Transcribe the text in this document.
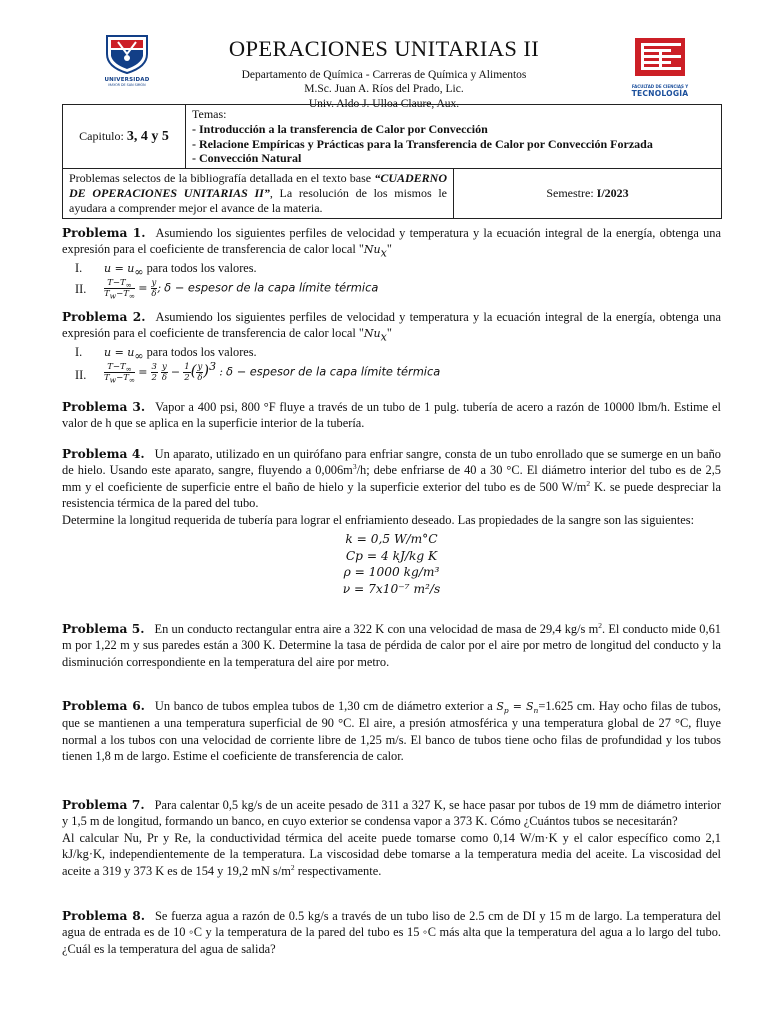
UNIVERSIDAD
MAYOR DE SAN SIMÓN
OPERACIONES UNITARIAS II
Departamento de Química - Carreras de Química y Alimentos
M.Sc. Juan A. Ríos del Prado, Lic.
Univ. Aldo J. Ulloa Claure, Aux.
FACULTAD DE CIENCIAS Y
TECNOLOGÍA
Capitulo: 3, 4 y 5	Temas:
- Introducción a la transferencia de Calor por Convección
- Relacione Empíricas y Prácticas para la Transferencia de Calor por Convección Forzada
- Convección Natural	

Problemas selectos de la bibliografía detallada en el texto base “CUADERNO DE OPERACIONES UNITARIAS II”, La resolución de los mismos le ayudara a comprender mejor el avance de la materia.		Semestre: I/2023
Problema 1. Asumiendo los siguientes perfiles de velocidad y temperatura y la ecuación integral de la energía, obtenga una expresión para el coeficiente de transferencia de calor local "$Nu_x$"
I. $u = u_\infty$ para todos los valores.
II. $\frac{T-T_\infty}{T_w-T_\infty} = \frac{y}{\delta}$ ; δ − espesor de la capa límite térmica
Problema 2. Asumiendo los siguientes perfiles de velocidad y temperatura y la ecuación integral de la energía, obtenga una expresión para el coeficiente de transferencia de calor local "$Nu_x$"
I. $u = u_\infty$ para todos los valores.
II. $\frac{T-T_\infty}{T_w-T_\infty} = \frac{3}{2}$
$\frac{y}{\delta} - \frac{1}{2}$ ( $\frac{y}{\delta} )^3$ : δ − espesor de la capa límite térmica
Problema 3. Vapor a 400 psi, 800 °F fluye a través de un tubo de 1 pulg. tubería de acero a razón de 10000 lbm/h. Estime el valor de h que se aplica en la superficie interior de la tubería.
Problema 4. Un aparato, utilizado en un quirófano para enfriar sangre, consta de un tubo enrollado que se sumerge en un baño de hielo. Usando este aparato, sangre, fluyendo a $0,006m^3/h$; debe enfriarse de 40 a 30 °C. El diámetro interior del tubo es de 2,5 mm y el coeficiente de superficie entre el baño de hielo y la superficie exterior del tubo es de 500 $W/m^2$ K. se puede despreciar la resistencia térmica de la pared del tubo.
Determine la longitud requerida de tubería para lograr el enfriamiento deseado. Las propiedades de la sangre son las siguientes:
k = 0,5 W/m°C
Cp = 4 kJ/kg K
ρ = 1000 kg/m³
ν = 7x10⁻⁷ m²/s
Problema 5. En un conducto rectangular entra aire a 322 K con una velocidad de masa de 29,4 kg/s $m^2$. El conducto mide 0,61 m por 1,22 m y sus paredes están a 300 K. Determine la tasa de pérdida de calor por el aire por metro de longitud del conducto y la disminución correspondiente en la temperatura del aire por metro.
Problema 6. Un banco de tubos emplea tubos de 1,30 cm de diámetro exterior a $S_p = S_n=1.625$ cm. Hay ocho filas de tubos, que se mantienen a una temperatura superficial de 90 °C. El aire, a presión atmosférica y una temperatura global de 27 °C, fluye normal a los tubos con una velocidad de corriente libre de 1,25 m/s. El banco de tubos tiene ocho filas de profundidad y los tubos tienen 1,8 m de largo. Estime el coeficiente de transferencia de calor.
Problema 7. Para calentar 0,5 kg/s de un aceite pesado de 311 a 327 K, se hace pasar por tubos de 19 mm de diámetro interior y 1,5 m de longitud, formando un banco, en cuyo exterior se condensa vapor a 373 K. Cómo ¿Cuántos tubos se necesitarán?
Al calcular Nu, Pr y Re, la conductividad térmica del aceite puede tomarse como 0,14 W/m·K y el calor específico como 2,1 kJ/kg·K, independientemente de la temperatura. La viscosidad debe tomarse a la temperatura media del aceite. La viscosidad del aceite a 319 y 373 K es de 154 y 19,2 mN $s/m^2$ respectivamente.
Problema 8. Se fuerza agua a razón de 0.5 kg/s a través de un tubo liso de 2.5 cm de DI y 15 m de largo. La temperatura del agua de entrada es de 10 ◦C y la temperatura de la pared del tubo es 15 ◦C más alta que la temperatura del agua a lo largo del tubo. ¿Cuál es la temperatura del agua de salida?
